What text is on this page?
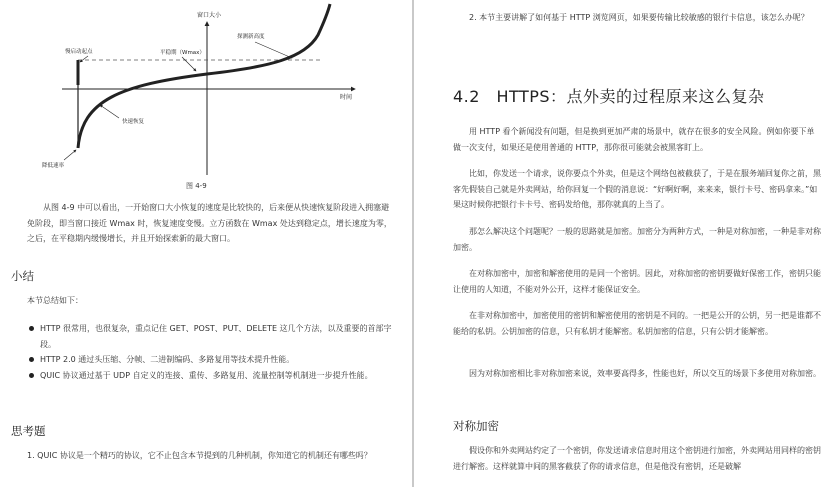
窗口大小
时间
慢启动起点	平稳期（Wmax）
探测新高度
快速恢复
降低速率
图 4-9

从图 4-9 中可以看出，一开始窗口大小恢复的速度是比较快的，后来便从快速恢复阶段进入拥塞避免阶段，即当窗口接近 Wmax 时，恢复速度变慢。立方函数在 Wmax 处达到稳定点，增长速度为零，之后，在平稳期内缓慢增长，并且开始探索新的最大窗口。

小结

本节总结如下：

HTTP 很常用，也很复杂，重点记住 GET、POST、PUT、DELETE 这几个方法，以及重要的首部字段。
HTTP 2.0 通过头压缩、分帧、二进制编码、多路复用等技术提升性能。
QUIC 协议通过基于 UDP 自定义的连接、重传、多路复用、流量控制等机制进一步提升性能。
思考题

1. QUIC 协议是一个精巧的协议，它不止包含本节提到的几种机制，你知道它的机制还有哪些吗？

2. 本节主要讲解了如何基于 HTTP 浏览网页，如果要传输比较敏感的银行卡信息，该怎么办呢？

4.2　HTTPS：点外卖的过程原来这么复杂

用 HTTP 看个新闻没有问题，但是换到更加严肃的场景中，就存在很多的安全风险。例如你要下单做一次支付，如果还是使用普通的 HTTP，那你很可能就会被黑客盯上。

比如，你发送一个请求，说你要点个外卖，但是这个网络包被截获了，于是在服务端回复你之前，黑客先假装自己就是外卖网站，给你回复一个假的消息说：“好啊好啊，来来来，银行卡号、密码拿来。”如果这时候你把银行卡卡号、密码发给他，那你就真的上当了。

那怎么解决这个问题呢？一般的思路就是加密。加密分为两种方式，一种是对称加密，一种是非对称加密。

在对称加密中，加密和解密使用的是同一个密钥。因此，对称加密的密钥要做好保密工作，密钥只能让使用的人知道，不能对外公开，这样才能保证安全。

在非对称加密中，加密使用的密钥和解密使用的密钥是不同的。一把是公开的公钥，另一把是谁都不能给的私钥。公钥加密的信息，只有私钥才能解密。私钥加密的信息，只有公钥才能解密。

因为对称加密相比非对称加密来说，效率要高得多，性能也好，所以交互的场景下多使用对称加密。

对称加密

假设你和外卖网站约定了一个密钥，你发送请求信息时用这个密钥进行加密，外卖网站用同样的密钥进行解密。这样就算中间的黑客截获了你的请求信息，但是他没有密钥，还是破解
